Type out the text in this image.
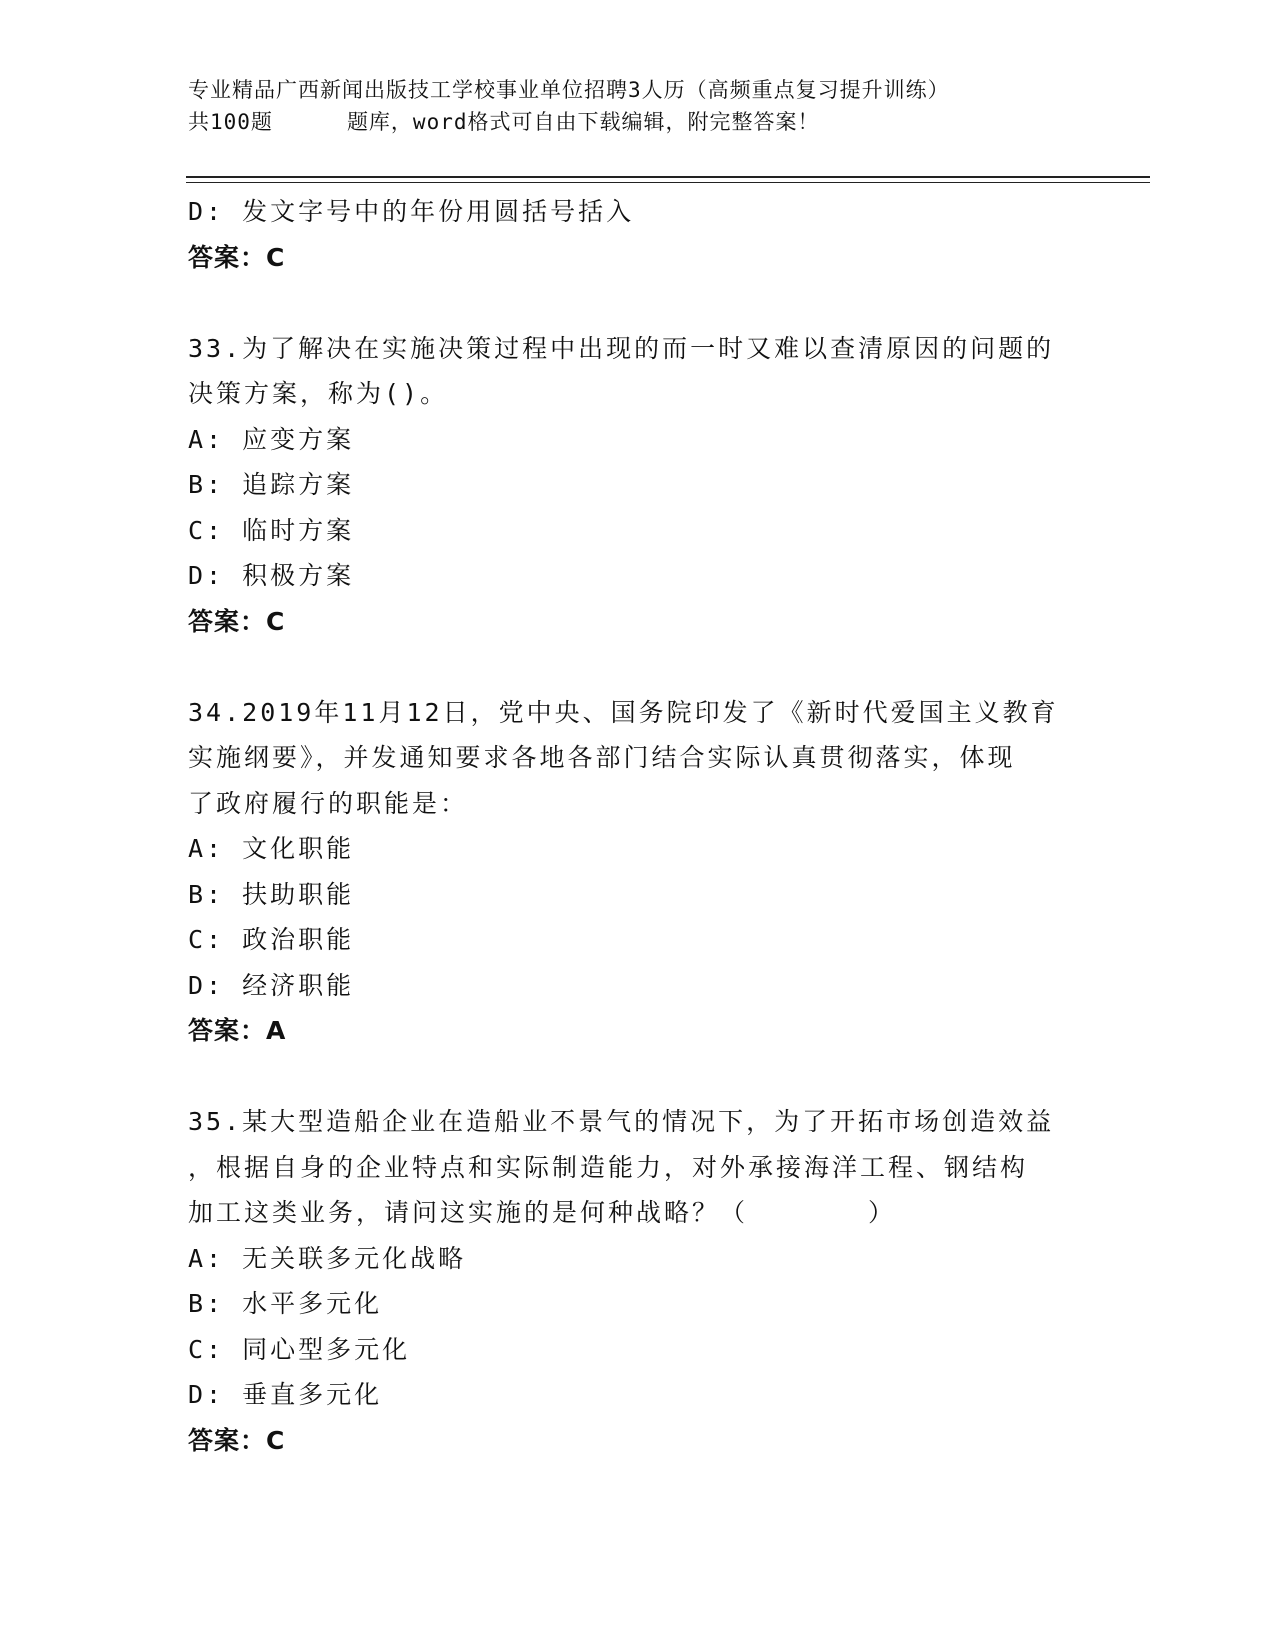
专业精品广西新闻出版技工学校事业单位招聘3人历（高频重点复习提升训练）
共100题	题库，word格式可自由下载编辑，附完整答案！
D: 发文字号中的年份用圆括号括入
答案：C
33.为了解决在实施决策过程中出现的而一时又难以查清原因的问题的
决策方案，称为()。
A: 应变方案
B: 追踪方案
C: 临时方案
D: 积极方案
答案：C
34.2019年11月12日，党中央、国务院印发了《新时代爱国主义教育
实施纲要》，并发通知要求各地各部门结合实际认真贯彻落实，体现
了政府履行的职能是：
A: 文化职能
B: 扶助职能
C: 政治职能
D: 经济职能
答案：A
35.某大型造船企业在造船业不景气的情况下，为了开拓市场创造效益
，根据自身的企业特点和实际制造能力，对外承接海洋工程、钢结构
加工这类业务，请问这实施的是何种战略？（	）
A: 无关联多元化战略
B: 水平多元化
C: 同心型多元化
D: 垂直多元化
答案：C
